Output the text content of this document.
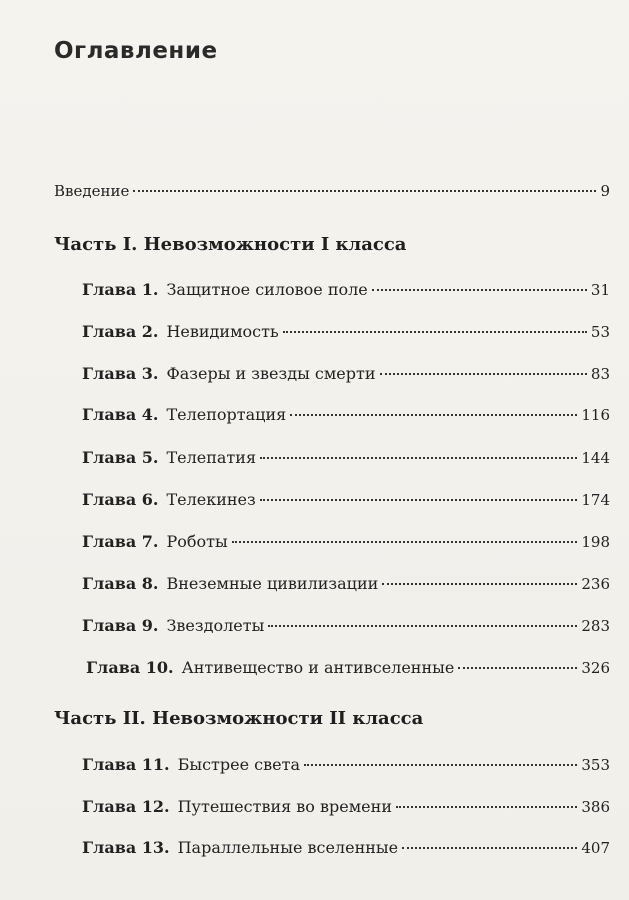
Оглавление
Введение	9
Часть I. Невозможности I класса
Глава 1. Защитное силовое поле	31
Глава 2. Невидимость	53
Глава 3. Фазеры и звезды смерти	83
Глава 4. Телепортация	116
Глава 5. Телепатия	144
Глава 6. Телекинез	174
Глава 7. Роботы	198
Глава 8. Внеземные цивилизации	236
Глава 9. Звездолеты	283
Глава 10. Антивещество и антивселенные	326
Часть II. Невозможности II класса
Глава 11. Быстрее света	353
Глава 12. Путешествия во времени	386
Глава 13. Параллельные вселенные	407
